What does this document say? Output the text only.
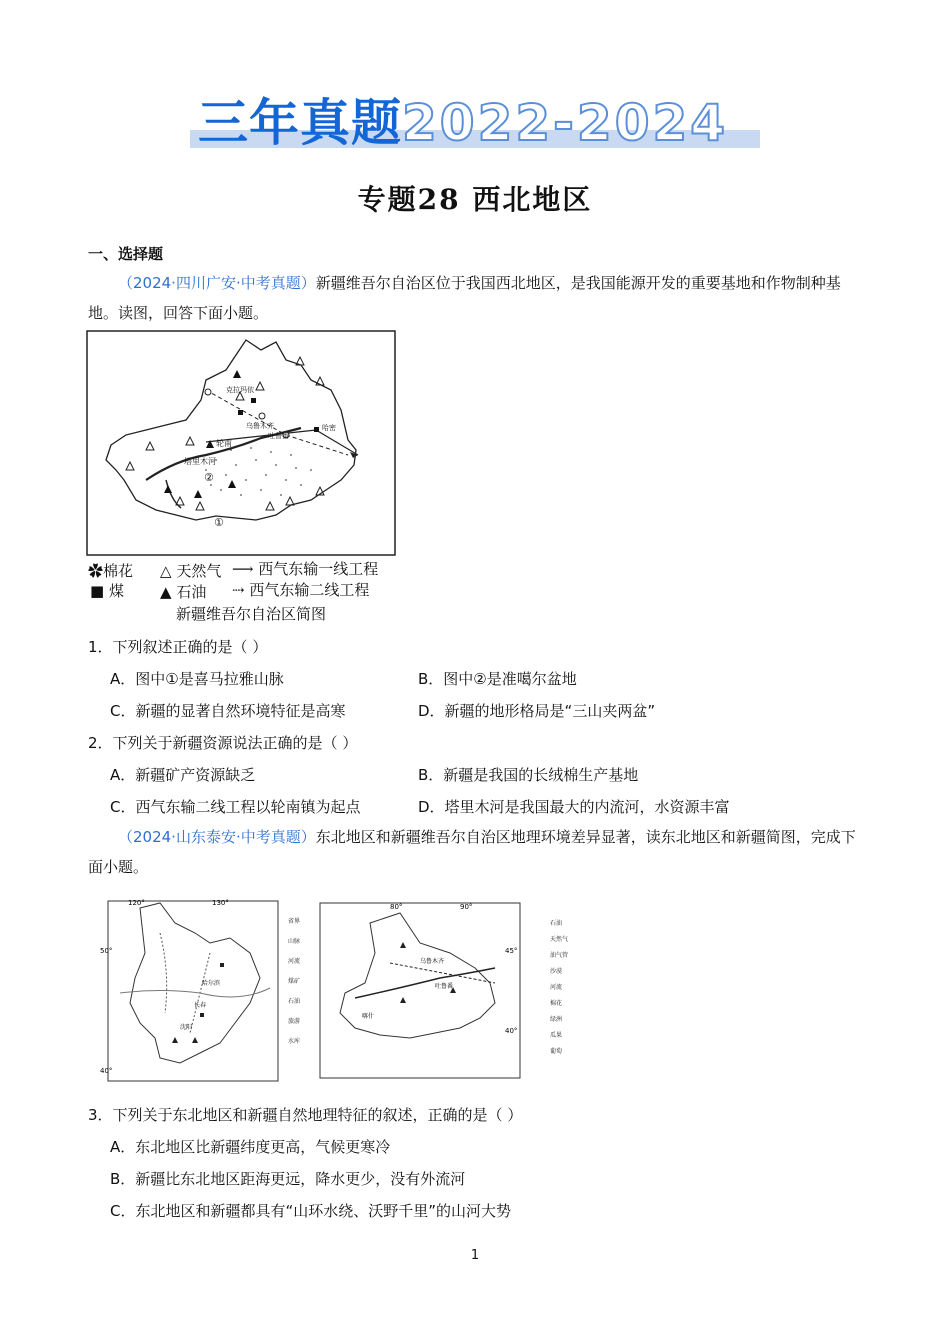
三年真题2022-2024
专题28 西北地区
一、选择题
（2024·四川广安·中考真题）新疆维吾尔自治区位于我国西北地区，是我国能源开发的重要基地和作物制种基地。读图，回答下面小题。
克拉玛依
乌鲁木齐
吐鲁番
哈密
轮南
塔里木河
②
①
✿棉花
■ 煤
△ 天然气
▲ 石油
⟶ 西气东输一线工程
⇢ 西气东输二线工程
新疆维吾尔自治区简图
1．下列叙述正确的是（ ）
A．图中①是喜马拉雅山脉	B．图中②是准噶尔盆地
C．新疆的显著自然环境特征是高寒	D．新疆的地形格局是“三山夹两盆”
2．下列关于新疆资源说法正确的是（ ）
A．新疆矿产资源缺乏	B．新疆是我国的长绒棉生产基地
C．西气东输二线工程以轮南镇为起点	D．塔里木河是我国最大的内流河，水资源丰富
（2024·山东泰安·中考真题）东北地区和新疆维吾尔自治区地理环境差异显著，读东北地区和新疆简图，完成下面小题。
120°	130°
50°
40°
哈尔滨
长春
沈阳
省界
山脉
河流
煤矿
石油
旅游
水库
80°	90°
45°
40°
乌鲁木齐
吐鲁番
喀什
石油
天然气
油气管
沙漠
河流
棉花
绿洲
瓜果
葡萄
3．下列关于东北地区和新疆自然地理特征的叙述，正确的是（ ）
A．东北地区比新疆纬度更高，气候更寒冷
B．新疆比东北地区距海更远，降水更少，没有外流河
C．东北地区和新疆都具有“山环水绕、沃野千里”的山河大势
1
